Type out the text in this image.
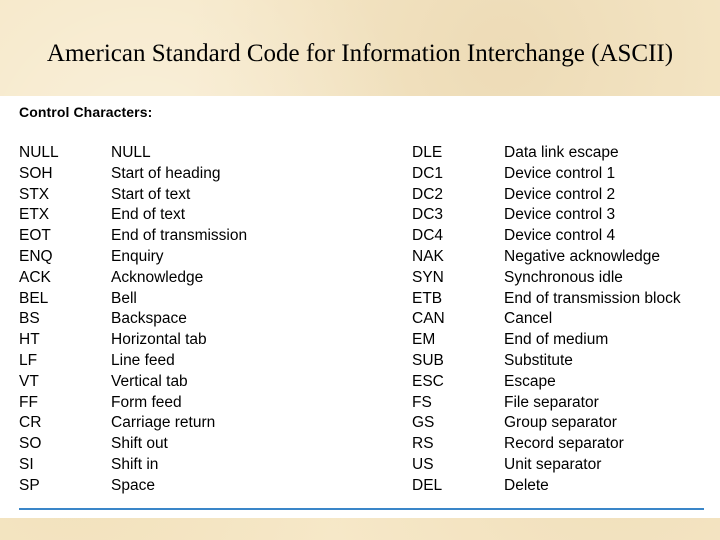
American Standard Code for Information Interchange (ASCII)
Control Characters:
NULL	NULL	DLE	Data link escape
SOH	Start of heading	DC1	Device control 1
STX	Start of text	DC2	Device control 2
ETX	End of text	DC3	Device control 3
EOT	End of transmission	DC4	Device control 4
ENQ	Enquiry	NAK	Negative acknowledge
ACK	Acknowledge	SYN	Synchronous idle
BEL	Bell	ETB	End of transmission block
BS	Backspace	CAN	Cancel
HT	Horizontal tab	EM	End of medium
LF	Line feed	SUB	Substitute
VT	Vertical tab	ESC	Escape
FF	Form feed	FS	File separator
CR	Carriage return	GS	Group separator
SO	Shift out	RS	Record separator
SI	Shift in	US	Unit separator
SP	Space	DEL	Delete
